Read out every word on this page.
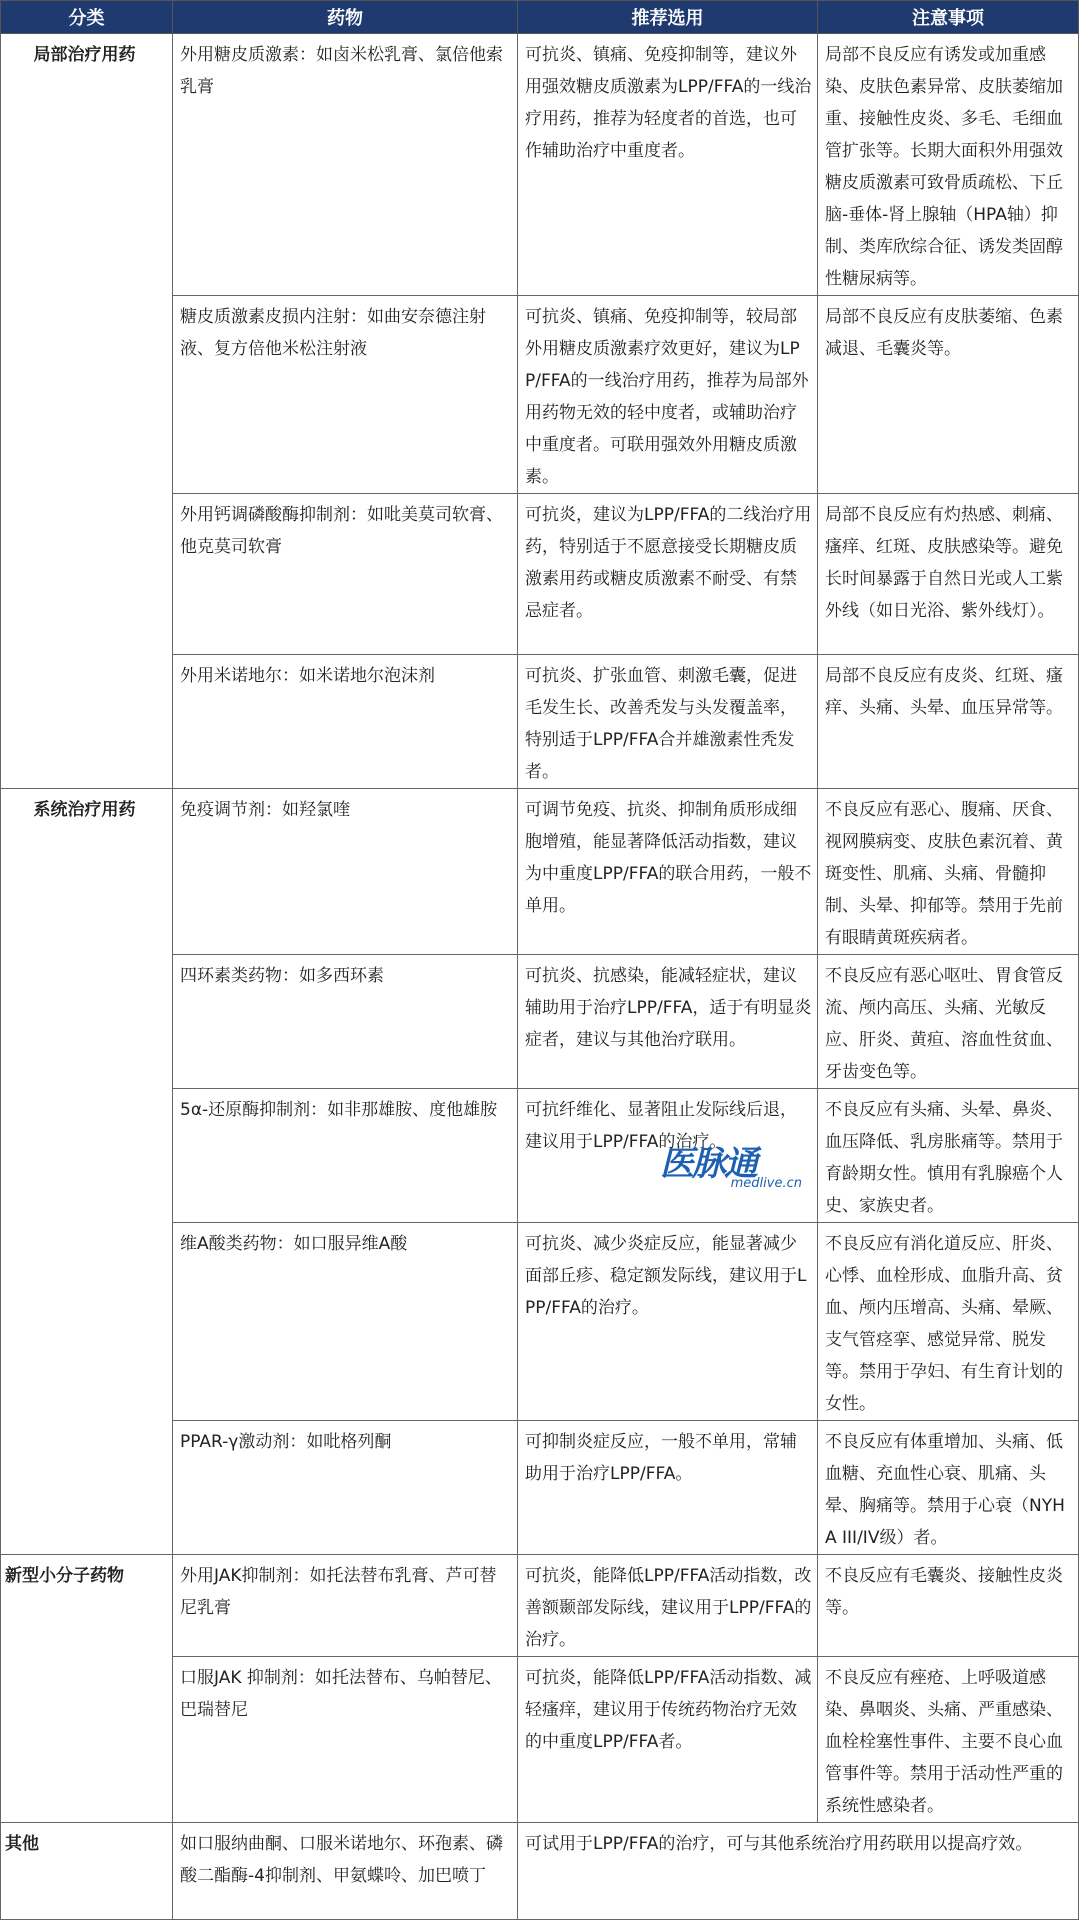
分类	药物	推荐选用	注意事项
局部治疗用药	外用糖皮质激素：如卤米松乳膏、氯倍他索乳膏	可抗炎、镇痛、免疫抑制等，建议外用强效糖皮质激素为LPP/FFA的一线治疗用药，推荐为轻度者的首选，也可作辅助治疗中重度者。	局部不良反应有诱发或加重感染、皮肤色素异常、皮肤萎缩加重、接触性皮炎、多毛、毛细血管扩张等。长期大面积外用强效糖皮质激素可致骨质疏松、下丘脑-垂体-肾上腺轴（HPA轴）抑制、类库欣综合征、诱发类固醇性糖尿病等。
	糖皮质激素皮损内注射：如曲安奈德注射液、复方倍他米松注射液	可抗炎、镇痛、免疫抑制等，较局部外用糖皮质激素疗效更好，建议为LPP/FFA的一线治疗用药，推荐为局部外用药物无效的轻中度者，或辅助治疗中重度者。可联用强效外用糖皮质激素。	局部不良反应有皮肤萎缩、色素减退、毛囊炎等。
	外用钙调磷酸酶抑制剂：如吡美莫司软膏、他克莫司软膏	可抗炎，建议为LPP/FFA的二线治疗用药，特别适于不愿意接受长期糖皮质激素用药或糖皮质激素不耐受、有禁忌症者。	局部不良反应有灼热感、刺痛、瘙痒、红斑、皮肤感染等。避免长时间暴露于自然日光或人工紫外线（如日光浴、紫外线灯）。
	外用米诺地尔：如米诺地尔泡沫剂	可抗炎、扩张血管、刺激毛囊，促进毛发生长、改善秃发与头发覆盖率，特别适于LPP/FFA合并雄激素性秃发者。	局部不良反应有皮炎、红斑、瘙痒、头痛、头晕、血压异常等。
系统治疗用药	免疫调节剂：如羟氯喹	可调节免疫、抗炎、抑制角质形成细胞增殖，能显著降低活动指数，建议为中重度LPP/FFA的联合用药，一般不单用。	不良反应有恶心、腹痛、厌食、视网膜病变、皮肤色素沉着、黄斑变性、肌痛、头痛、骨髓抑制、头晕、抑郁等。禁用于先前有眼睛黄斑疾病者。
	四环素类药物：如多西环素	可抗炎、抗感染，能减轻症状，建议辅助用于治疗LPP/FFA，适于有明显炎症者，建议与其他治疗联用。	不良反应有恶心呕吐、胃食管反流、颅内高压、头痛、光敏反应、肝炎、黄疸、溶血性贫血、牙齿变色等。
	5α-还原酶抑制剂：如非那雄胺、度他雄胺	可抗纤维化、显著阻止发际线后退，建议用于LPP/FFA的治疗。	不良反应有头痛、头晕、鼻炎、血压降低、乳房胀痛等。禁用于育龄期女性。慎用有乳腺癌个人史、家族史者。
	维A酸类药物：如口服异维A酸	可抗炎、减少炎症反应，能显著减少面部丘疹、稳定额发际线，建议用于LPP/FFA的治疗。	不良反应有消化道反应、肝炎、心悸、血栓形成、血脂升高、贫血、颅内压增高、头痛、晕厥、支气管痉挛、感觉异常、脱发等。禁用于孕妇、有生育计划的女性。
	PPAR-γ激动剂：如吡格列酮	可抑制炎症反应，一般不单用，常辅助用于治疗LPP/FFA。	不良反应有体重增加、头痛、低血糖、充血性心衰、肌痛、头晕、胸痛等。禁用于心衰（NYHA III/IV级）者。
新型小分子药物	外用JAK抑制剂：如托法替布乳膏、芦可替尼乳膏	可抗炎，能降低LPP/FFA活动指数，改善额颞部发际线，建议用于LPP/FFA的治疗。	不良反应有毛囊炎、接触性皮炎等。
	口服JAK 抑制剂：如托法替布、乌帕替尼、巴瑞替尼	可抗炎，能降低LPP/FFA活动指数、减轻瘙痒，建议用于传统药物治疗无效的中重度LPP/FFA者。	不良反应有痤疮、上呼吸道感染、鼻咽炎、头痛、严重感染、血栓栓塞性事件、主要不良心血管事件等。禁用于活动性严重的系统性感染者。
其他	如口服纳曲酮、口服米诺地尔、环孢素、磷酸二酯酶-4抑制剂、甲氨蝶呤、加巴喷丁	可试用于LPP/FFA的治疗，可与其他系统治疗用药联用以提高疗效。	
医脉通
medlive.cn
